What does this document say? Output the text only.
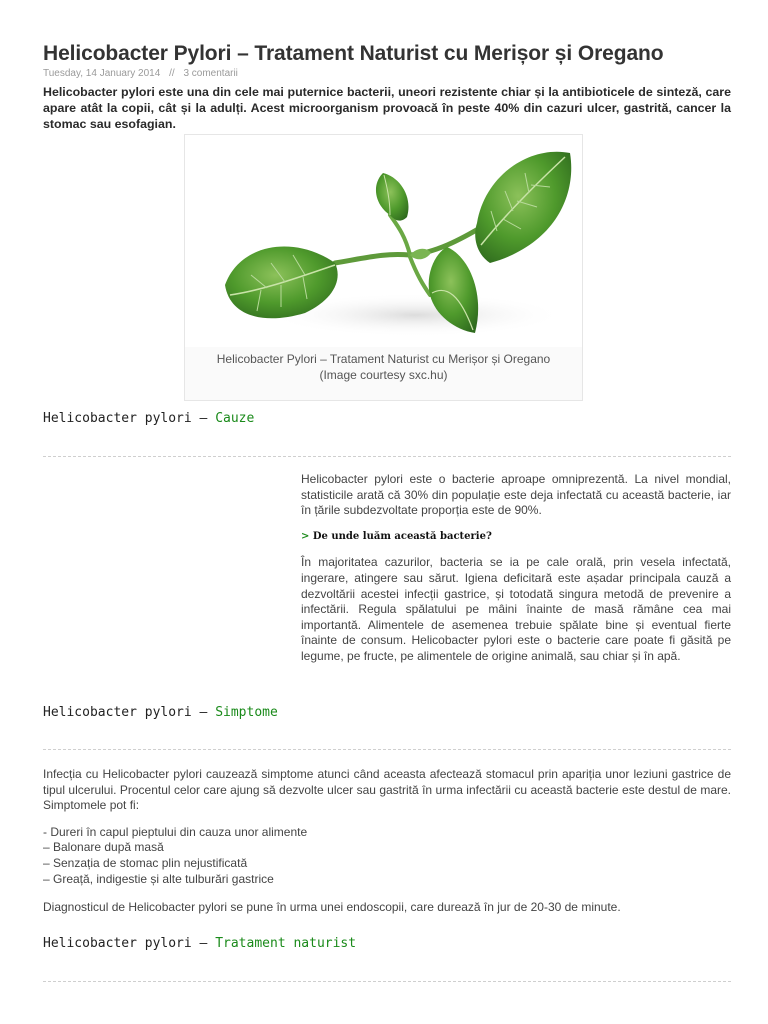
Helicobacter Pylori – Tratament Naturist cu Merișor și Oregano
Tuesday, 14 January 2014 // 3 comentarii
Helicobacter pylori este una din cele mai puternice bacterii, uneori rezistente chiar și la antibioticele de sinteză, care apare atât la copii, cât și la adulți. Acest microorganism provoacă în peste 40% din cazuri ulcer, gastrită, cancer la stomac sau esofagian.
Helicobacter Pylori – Tratament Naturist cu Merișor și Oregano
(Image courtesy sxc.hu)
Helicobacter pylori – Cauze

Helicobacter pylori este o bacterie aproape omniprezentă. La nivel mondial, statisticile arată că 30% din populație este deja infectată cu această bacterie, iar în țările subdezvoltate proporția este de 90%.

> De unde luăm această bacterie?

În majoritatea cazurilor, bacteria se ia pe cale orală, prin vesela infectată, ingerare, atingere sau sărut. Igiena deficitară este așadar principala cauză a dezvoltării acestei infecții gastrice, și totodată singura metodă de prevenire a infectării. Regula spălatului pe mâini înainte de masă rămâne cea mai importantă. Alimentele de asemenea trebuie spălate bine și eventual fierte înainte de consum. Helicobacter pylori este o bacterie care poate fi găsită pe legume, pe fructe, pe alimentele de origine animală, sau chiar și în apă.

Helicobacter pylori – Simptome

Infecția cu Helicobacter pylori cauzează simptome atunci când aceasta afectează stomacul prin apariția unor leziuni gastrice de tipul ulcerului. Procentul celor care ajung să dezvolte ulcer sau gastrită în urma infectării cu această bacterie este destul de mare. Simptomele pot fi:

- Dureri în capul pieptului din cauza unor alimente
– Balonare după masă
– Senzația de stomac plin nejustificată
– Greață, indigestie și alte tulburări gastrice

Diagnosticul de Helicobacter pylori se pune în urma unei endoscopii, care durează în jur de 20-30 de minute.

Helicobacter pylori – Tratament naturist
